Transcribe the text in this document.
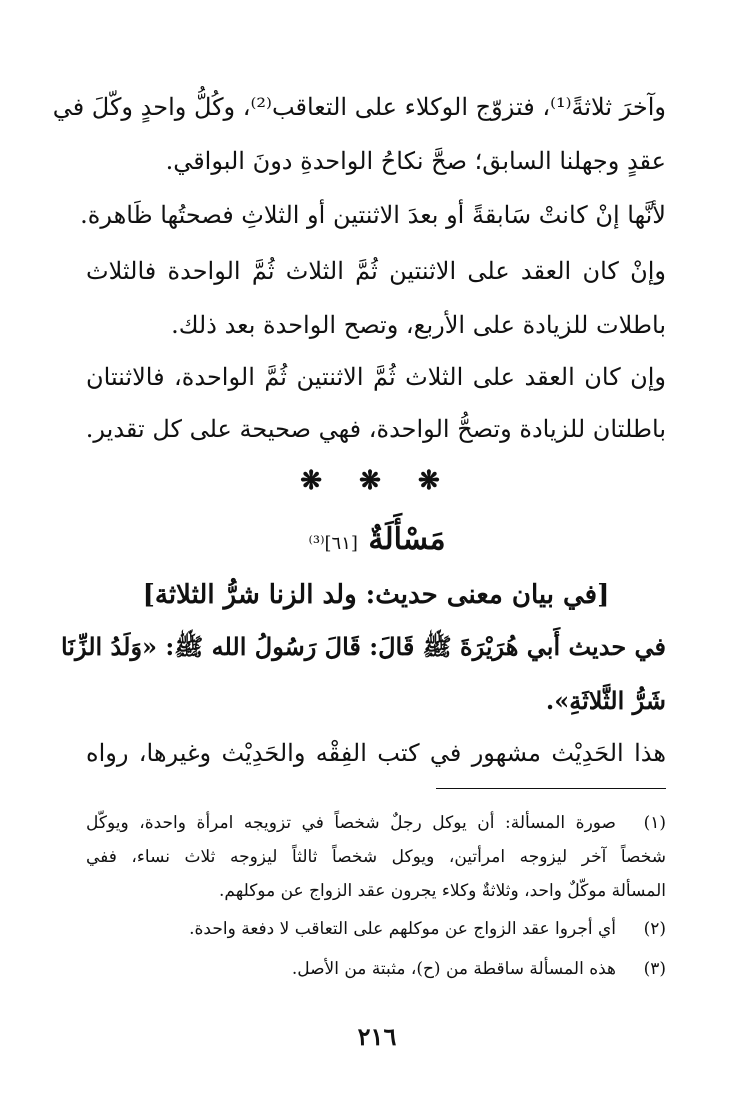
وآخرَ ثلاثةً⁽¹⁾، فتزوّج الوكلاء على التعاقب⁽²⁾، وكُلُّ واحدٍ وكّلَ في
عقدٍ وجهلنا السابق؛ صحَّ نكاحُ الواحدةِ دونَ البواقي.
لأنَّها إنْ كانتْ سَابقةً أو بعدَ الاثنتين أو الثلاثِ فصحتُها ظَاهرة.
وإنْ كان العقد على الاثنتين ثُمَّ الثلاث ثُمَّ الواحدة فالثلاث
باطلات للزيادة على الأربع، وتصح الواحدة بعد ذلك.
وإن كان العقد على الثلاث ثُمَّ الاثنتين ثُمَّ الواحدة، فالاثنتان
باطلتان للزيادة وتصحُّ الواحدة، فهي صحيحة على كل تقدير.
❋ ❋ ❋
مَسْأَلَةٌ [٦١]⁽³⁾
[في بيان معنى حديث: ولد الزنا شرُّ الثلاثة]
في حديث أَبي هُرَيْرَةَ ﷺ قَالَ: قَالَ رَسُولُ الله ﷺ: «وَلَدُ الزِّنَا
شَرُّ الثَّلاثَةِ».
هذا الحَدِيْث مشهور في كتب الفِقْه والحَدِيْث وغيرها، رواه
(١)
صورة المسألة: أن يوكل رجلٌ شخصاً في تزويجه امرأة واحدة، ويوكّل
شخصاً آخر ليزوجه امرأتين، ويوكل شخصاً ثالثاً ليزوجه ثلاث نساء، ففي
المسألة موكّلٌ واحد، وثلاثةٌ وكلاء يجرون عقد الزواج عن موكلهم.
(٢)
أي أجروا عقد الزواج عن موكلهم على التعاقب لا دفعة واحدة.
(٣)
هذه المسألة ساقطة من (ح)، مثبتة من الأصل.
٢١٦
